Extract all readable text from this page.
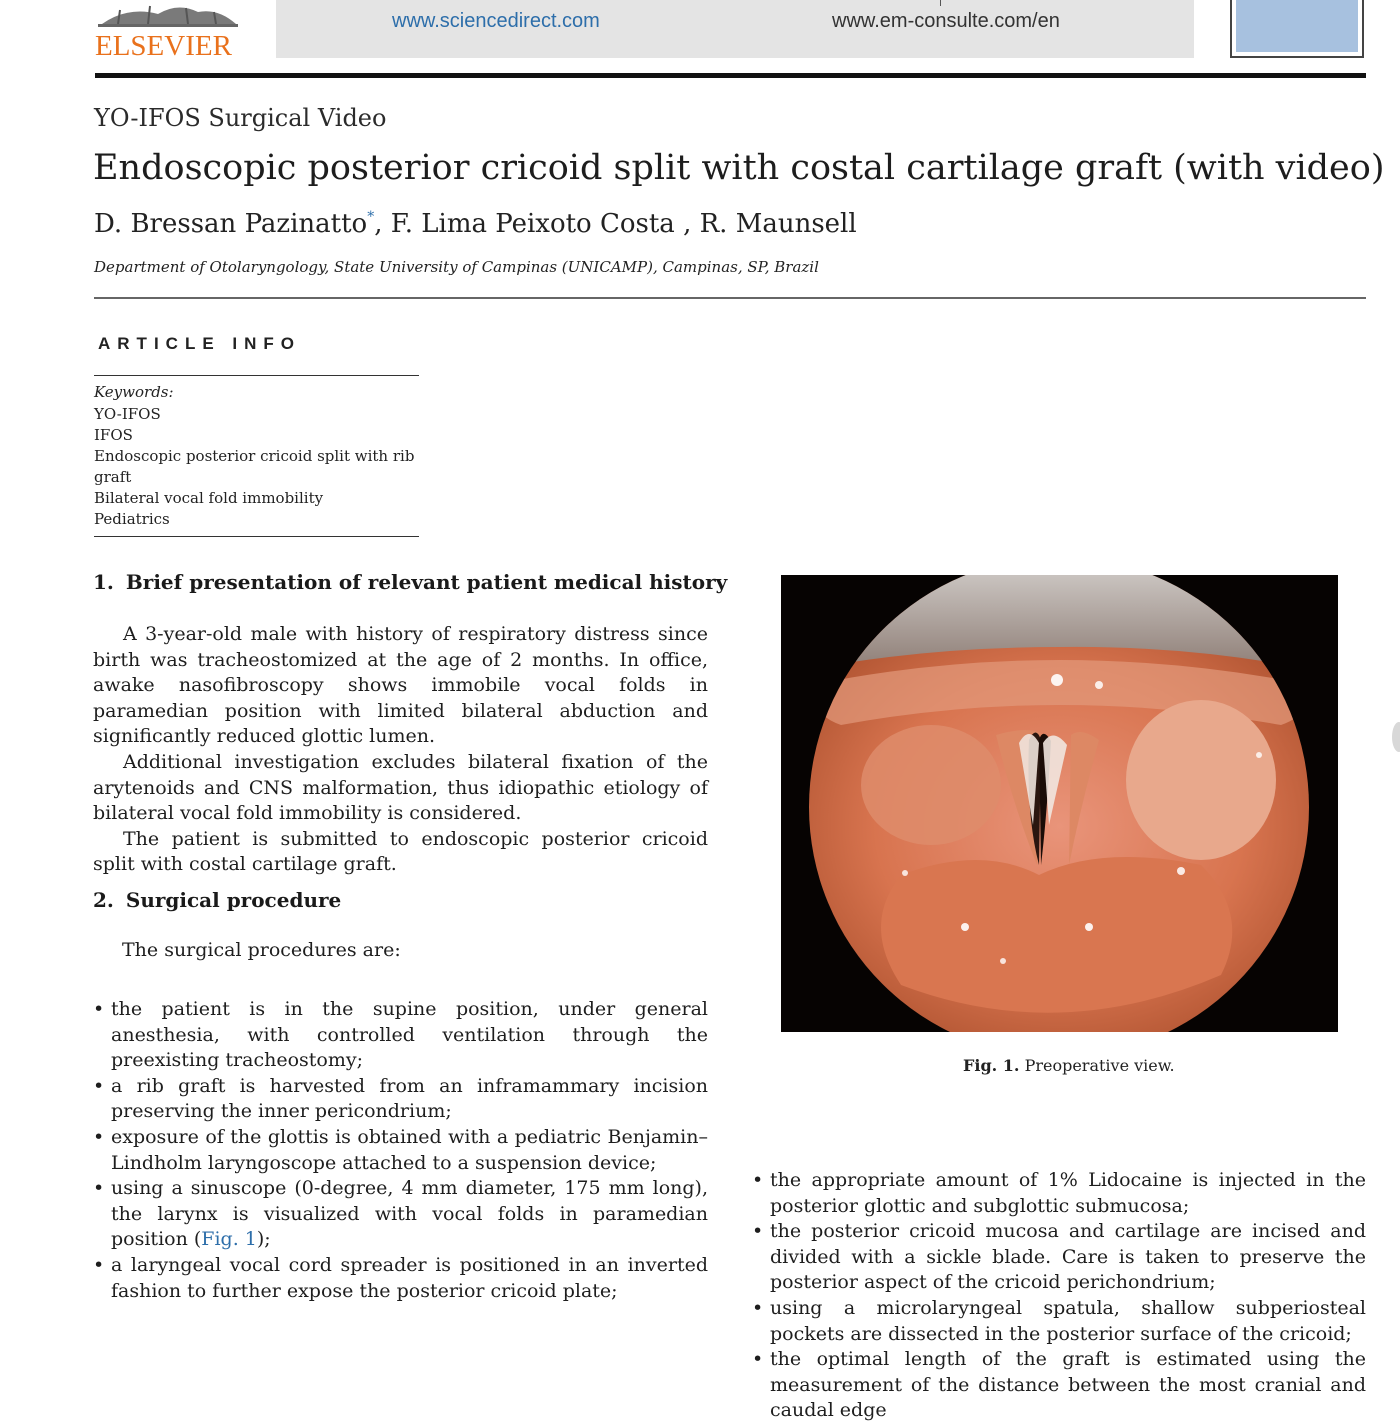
ELSEVIER
www.sciencedirect.com	www.em-consulte.com/en
YO-IFOS Surgical Video
Endoscopic posterior cricoid split with costal cartilage graft (with video)
D. Bressan Pazinatto*, F. Lima Peixoto Costa , R. Maunsell
Department of Otolaryngology, State University of Campinas (UNICAMP), Campinas, SP, Brazil
ARTICLE INFO
Keywords:
YO-IFOS
IFOS
Endoscopic posterior cricoid split with rib
graft
Bilateral vocal fold immobility
Pediatrics
1. Brief presentation of relevant patient medical history

A 3-year-old male with history of respiratory distress since birth was tracheostomized at the age of 2 months. In office, awake nasofibroscopy shows immobile vocal folds in paramedian position with limited bilateral abduction and significantly reduced glottic lumen.

Additional investigation excludes bilateral fixation of the arytenoids and CNS malformation, thus idiopathic etiology of bilateral vocal fold immobility is considered.

The patient is submitted to endoscopic posterior cricoid split with costal cartilage graft.

2. Surgical procedure
The surgical procedures are:
• the patient is in the supine position, under general anesthesia, with controlled ventilation through the preexisting tracheostomy;
• a rib graft is harvested from an inframammary incision preserving the inner pericondrium;
• exposure of the glottis is obtained with a pediatric Benjamin–Lindholm laryngoscope attached to a suspension device;
• using a sinuscope (0-degree, 4 mm diameter, 175 mm long), the larynx is visualized with vocal folds in paramedian position (Fig. 1);
• a laryngeal vocal cord spreader is positioned in an inverted fashion to further expose the posterior cricoid plate;
Fig. 1. Preoperative view.
• the appropriate amount of 1% Lidocaine is injected in the posterior glottic and subglottic submucosa;
• the posterior cricoid mucosa and cartilage are incised and divided with a sickle blade. Care is taken to preserve the posterior aspect of the cricoid perichondrium;
• using a microlaryngeal spatula, shallow subperiosteal pockets are dissected in the posterior surface of the cricoid;
• the optimal length of the graft is estimated using the measurement of the distance between the most cranial and caudal edge
